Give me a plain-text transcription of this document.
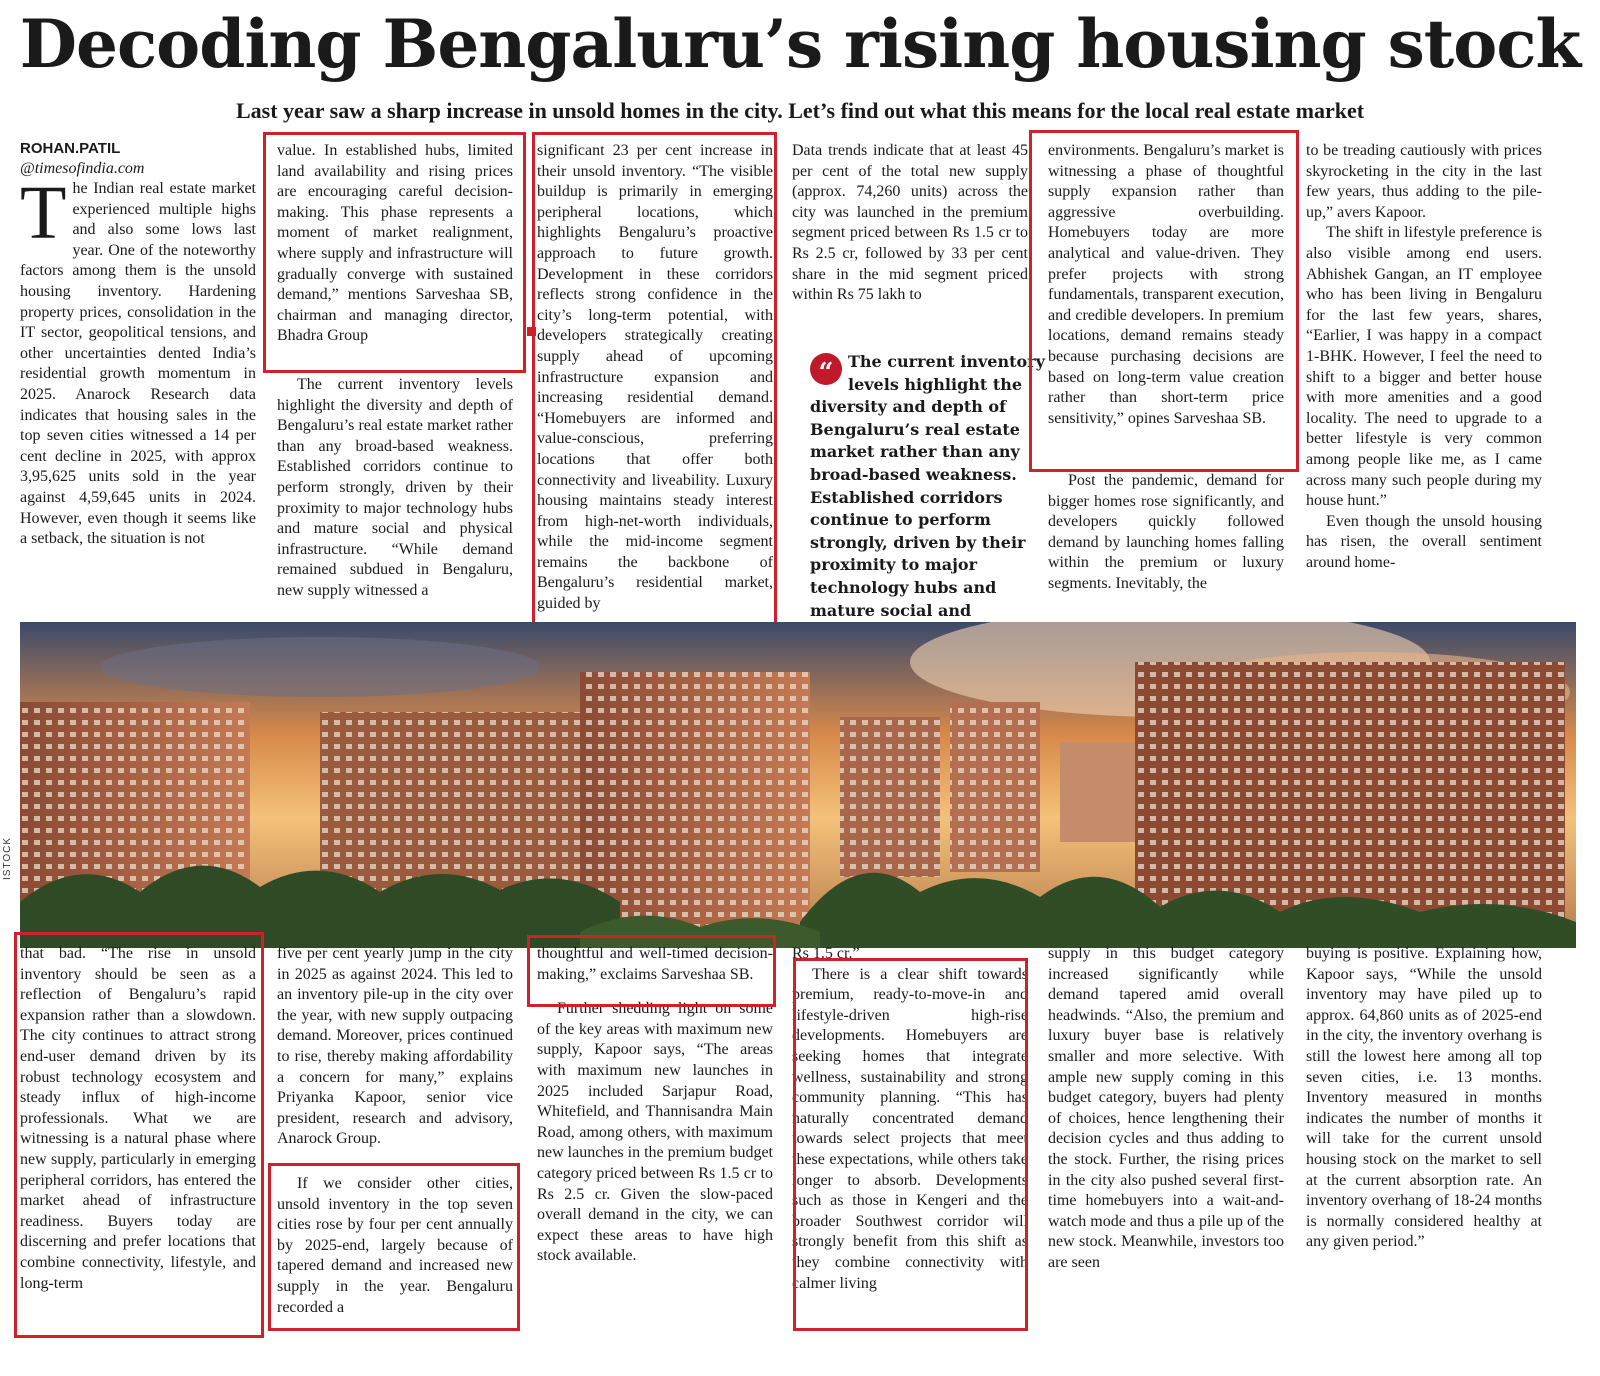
Decoding Bengaluru’s rising housing stock

Last year saw a sharp increase in unsold homes in the city. Let’s find out what this means for the local real estate market

ROHAN.PATIL

@timesofindia.com

The Indian real estate market experienced multiple highs and also some lows last year. One of the noteworthy factors among them is the unsold housing inventory. Hardening property prices, consolidation in the IT sector, geopolitical tensions, and other uncertainties dented India’s residential growth momentum in 2025. Anarock Research data indicates that housing sales in the top seven cities witnessed a 14 per cent decline in 2025, with approx 3,95,625 units sold in the year against 4,59,645 units in 2024. However, even though it seems like a setback, the situation is not

value. In established hubs, limited land availability and rising prices are encouraging careful decision-making. This phase represents a moment of market realignment, where supply and infrastructure will gradually converge with sustained demand,” mentions Sarveshaa SB, chairman and managing director, Bhadra Group

The current inventory levels highlight the diversity and depth of Bengaluru’s real estate market rather than any broad-based weakness. Established corridors continue to perform strongly, driven by their proximity to major technology hubs and mature social and physical infrastructure. “While demand remained subdued in Bengaluru, new supply witnessed a

significant 23 per cent increase in their unsold inventory. “The visible buildup is primarily in emerging peripheral locations, which highlights Bengaluru’s proactive approach to future growth. Development in these corridors reflects strong confidence in the city’s long-term potential, with developers strategically creating supply ahead of upcoming infrastructure expansion and increasing residential demand. “Homebuyers are informed and value-conscious, preferring locations that offer both connectivity and liveability. Luxury housing maintains steady interest from high-net-worth individuals, while the mid-income segment remains the backbone of Bengaluru’s residential market, guided by

Data trends indicate that at least 45 per cent of the total new supply (approx. 74,260 units) across the city was launched in the premium segment priced between Rs 1.5 cr to Rs 2.5 cr, followed by 33 per cent share in the mid segment priced within Rs 75 lakh to

“ The current inventory levels highlight the diversity and depth of Bengaluru’s real estate market rather than any broad-based weakness. Established corridors continue to perform strongly, driven by their proximity to major technology hubs and mature social and

environments. Bengaluru’s market is witnessing a phase of thoughtful supply expansion rather than aggressive overbuilding. Homebuyers today are more analytical and value-driven. They prefer projects with strong fundamentals, transparent execution, and credible developers. In premium locations, demand remains steady because purchasing decisions are based on long-term value creation rather than short-term price sensitivity,” opines Sarveshaa SB.

Post the pandemic, demand for bigger homes rose significantly, and developers quickly followed demand by launching homes falling within the premium or luxury segments. Inevitably, the

to be treading cautiously with prices skyrocketing in the city in the last few years, thus adding to the pile-up,” avers Kapoor.

The shift in lifestyle preference is also visible among end users. Abhishek Gangan, an IT employee who has been living in Bengaluru for the last few years, shares, “Earlier, I was happy in a compact 1-BHK. However, I feel the need to shift to a bigger and better house with more amenities and a good locality. The need to upgrade to a better lifestyle is very common among people like me, as I came across many such people during my house hunt.”

Even though the unsold housing has risen, the overall sentiment around home-

ISTOCK

that bad. “The rise in unsold inventory should be seen as a reflection of Bengaluru’s rapid expansion rather than a slowdown. The city continues to attract strong end-user demand driven by its robust technology ecosystem and steady influx of high-income professionals. What we are witnessing is a natural phase where new supply, particularly in emerging peripheral corridors, has entered the market ahead of infrastructure readiness. Buyers today are discerning and prefer locations that combine connectivity, lifestyle, and long-term

five per cent yearly jump in the city in 2025 as against 2024. This led to an inventory pile-up in the city over the year, with new supply outpacing demand. Moreover, prices continued to rise, thereby making affordability a concern for many,” explains Priyanka Kapoor, senior vice president, research and advisory, Anarock Group.

If we consider other cities, unsold inventory in the top seven cities rose by four per cent annually by 2025-end, largely because of tapered demand and increased new supply in the year. Bengaluru recorded a

thoughtful and well-timed decision-making,” exclaims Sarveshaa SB.

Further shedding light on some of the key areas with maximum new supply, Kapoor says, “The areas with maximum new launches in 2025 included Sarjapur Road, Whitefield, and Thannisandra Main Road, among others, with maximum new launches in the premium budget category priced between Rs 1.5 cr to Rs 2.5 cr. Given the slow-paced overall demand in the city, we can expect these areas to have high stock available.

Rs 1.5 cr.”

There is a clear shift towards premium, ready-to-move-in and lifestyle-driven high-rise developments. Homebuyers are seeking homes that integrate wellness, sustainability and strong community planning. “This has naturally concentrated demand towards select projects that meet these expectations, while others take longer to absorb. Developments such as those in Kengeri and the broader Southwest corridor will strongly benefit from this shift as they combine connectivity with calmer living

supply in this budget category increased significantly while demand tapered amid overall headwinds. “Also, the premium and luxury buyer base is relatively smaller and more selective. With ample new supply coming in this budget category, buyers had plenty of choices, hence lengthening their decision cycles and thus adding to the stock. Further, the rising prices in the city also pushed several first-time homebuyers into a wait-and-watch mode and thus a pile up of the new stock. Meanwhile, investors too are seen

buying is positive. Explaining how, Kapoor says, “While the unsold inventory may have piled up to approx. 64,860 units as of 2025-end in the city, the inventory overhang is still the lowest here among all top seven cities, i.e. 13 months. Inventory measured in months indicates the number of months it will take for the current unsold housing stock on the market to sell at the current absorption rate. An inventory overhang of 18-24 months is normally considered healthy at any given period.”
